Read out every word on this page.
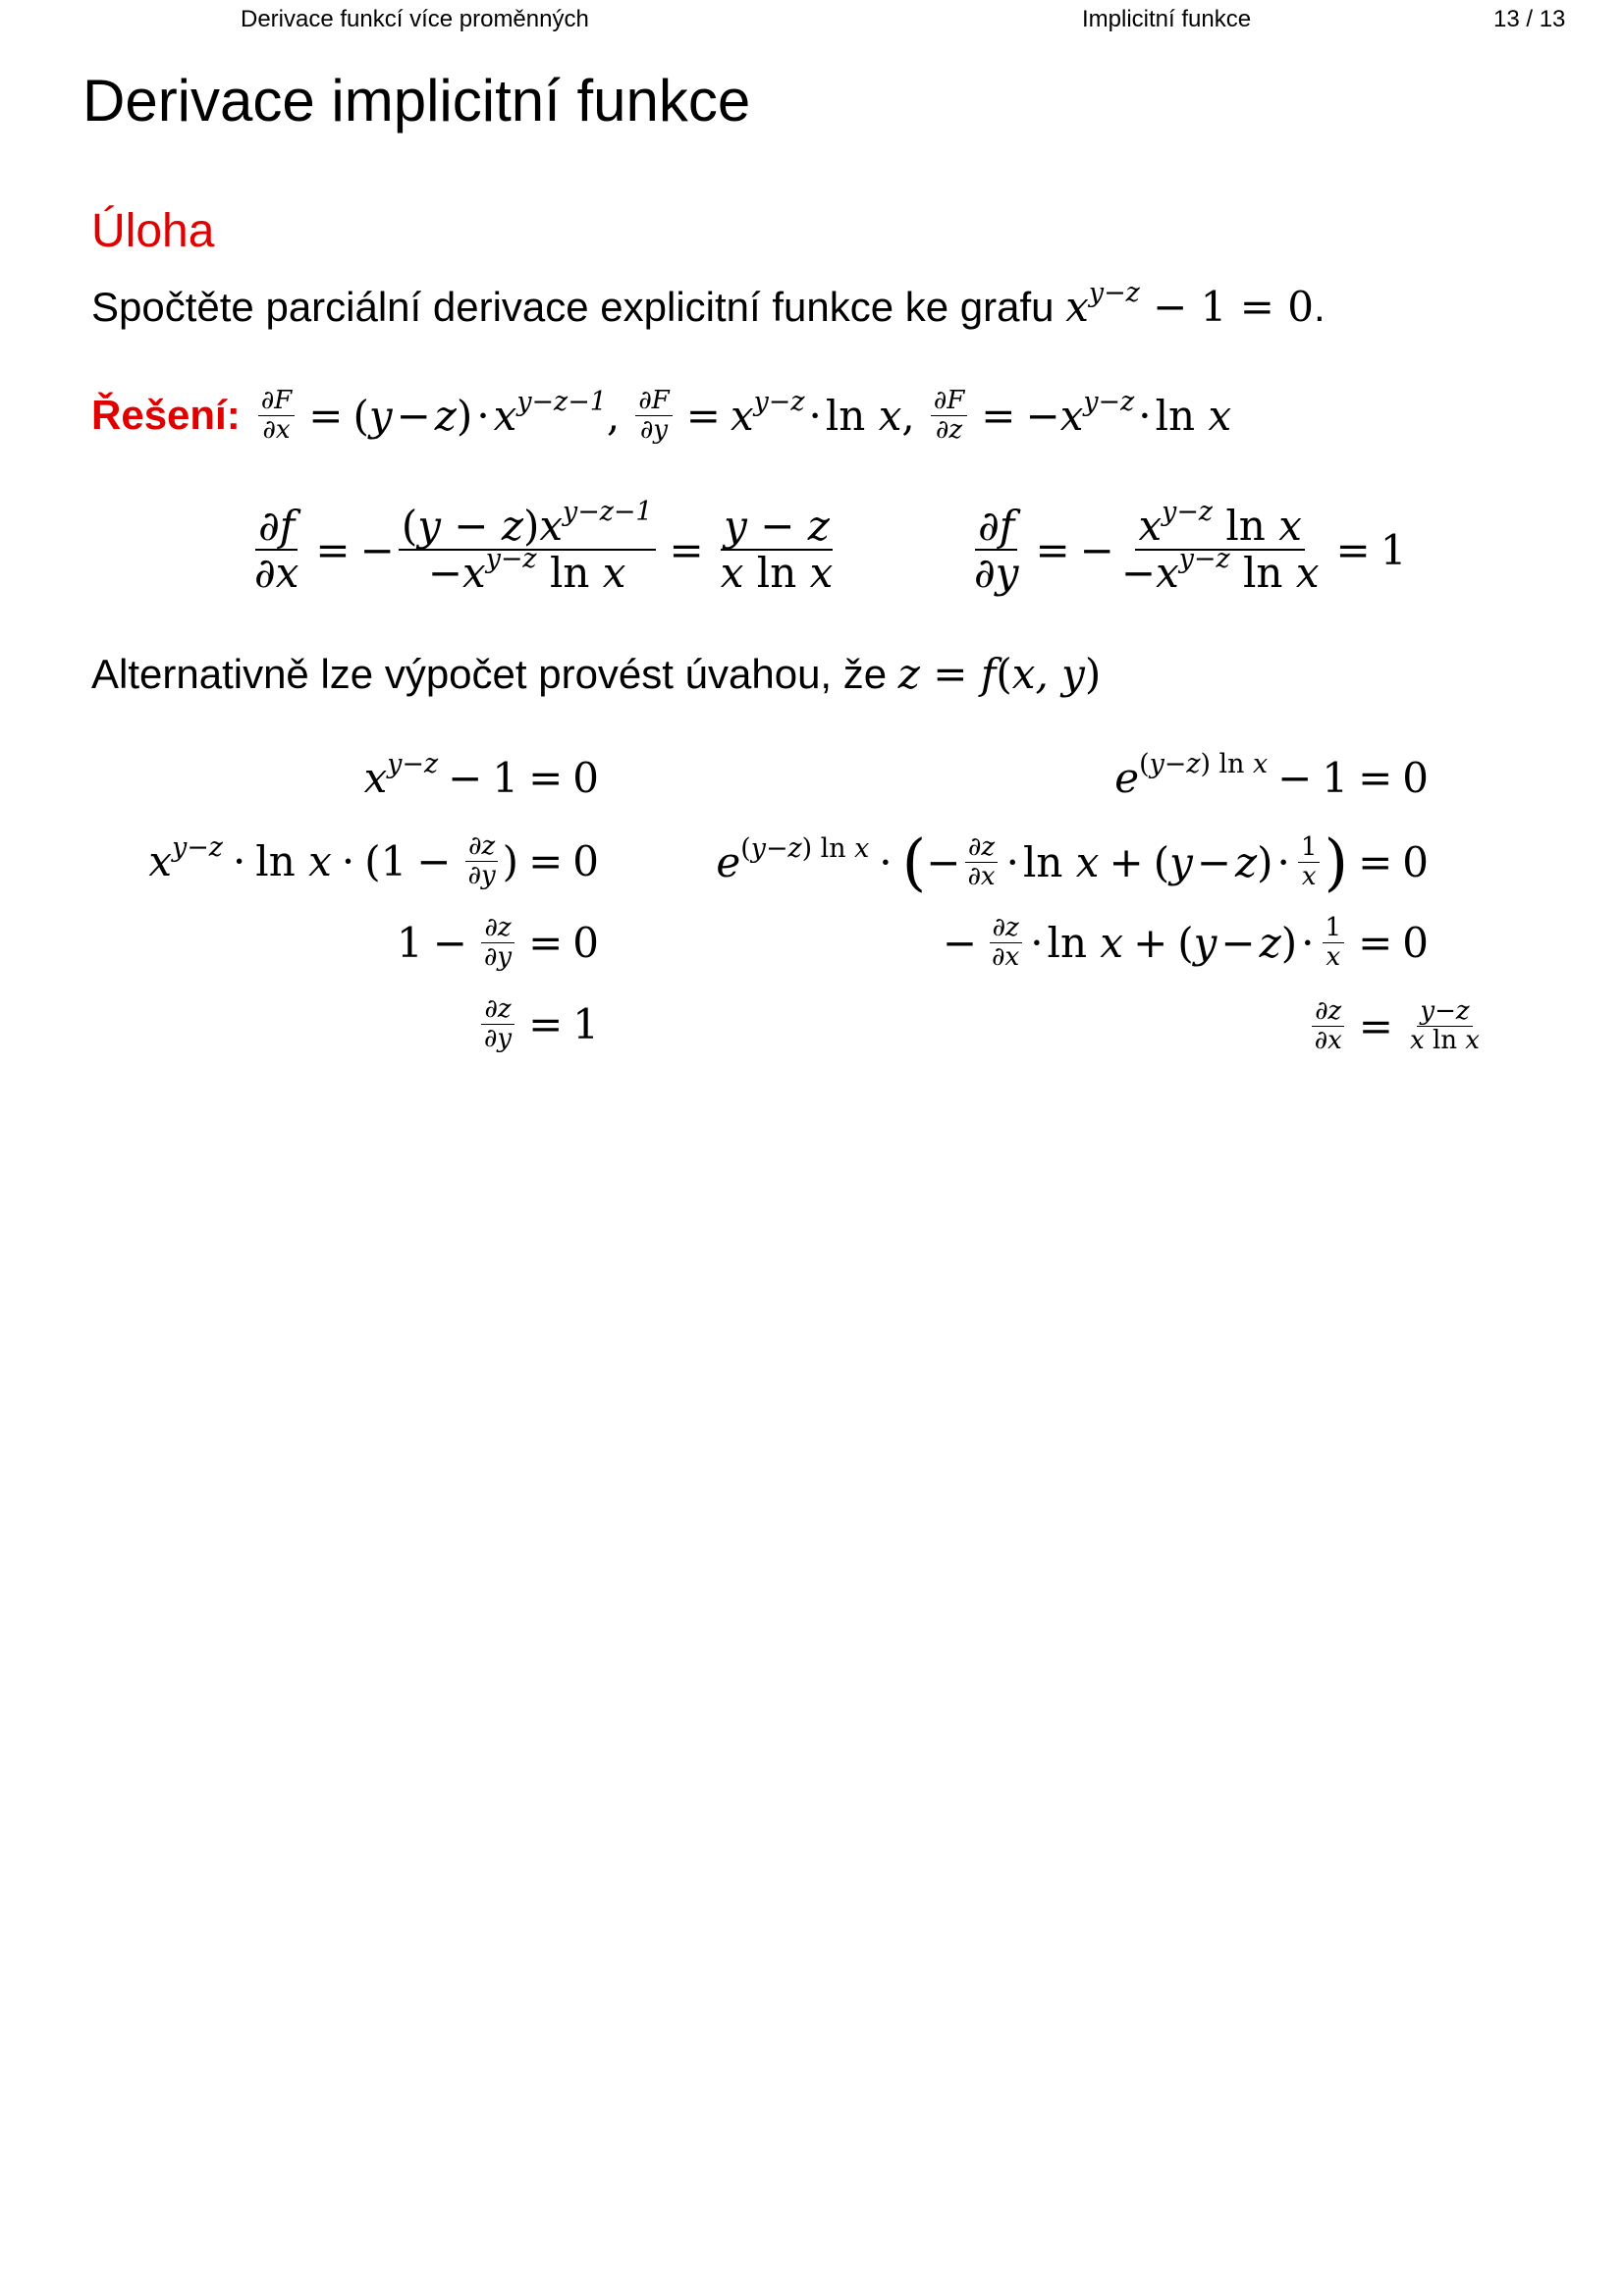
Derivace funkcí více proměnných	Implicitní funkce	13 / 13
Derivace implicitní funkce
Úloha
Spočtěte parciální derivace explicitní funkce ke grafu $x^{y-z} - 1 = 0$.
Řešení: $\frac{\partial F}{\partial x}$ = ( y − z ) · $x^{y-z-1}$ , $\frac{\partial F}{\partial y} = x^{y-z} \cdot \ln$
x , $\frac{\partial F}{\partial z}$ = − $x^{y-z} \cdot \ln$
x
$\frac{\partial f}{\partial x}$ = − $\frac{(y - z)x^{y-z-1}}{-x^{y-z} \ln x} = \frac{y - z}{\text{x ln x}}$	$\frac{\partial f}{\partial y}$ = − $\frac{x^{y-z} \ln x}{-x^{y-z} \ln x} = 1$
Alternativně lze výpočet provést úvahou, že z = f(x, y)
$x^{y-z} - 1 = 0$
$x^{y-z} \cdot \ln$
$x \cdot (1 - \frac{\partial z}{\partial y}$ ) = 0
$1 - \frac{\partial z}{\partial y} = 0$
$\frac{\partial z}{\partial y} = 1$
$e^{(y-z) ln x} - 1 = 0$
$e^{(y-z) ln x}$ · ( − $\frac{\partial z}{\partial x} \cdot \ln$
x + ( y − z ) · $\frac{1}{x}$ ) = 0
− $\frac{\partial z}{\partial x} \cdot \ln$
x + ( y − z ) · $\frac{1}{x} = 0$
$\frac{\partial z}{\partial x} = \frac{y-z}{\text{x ln x}}$
